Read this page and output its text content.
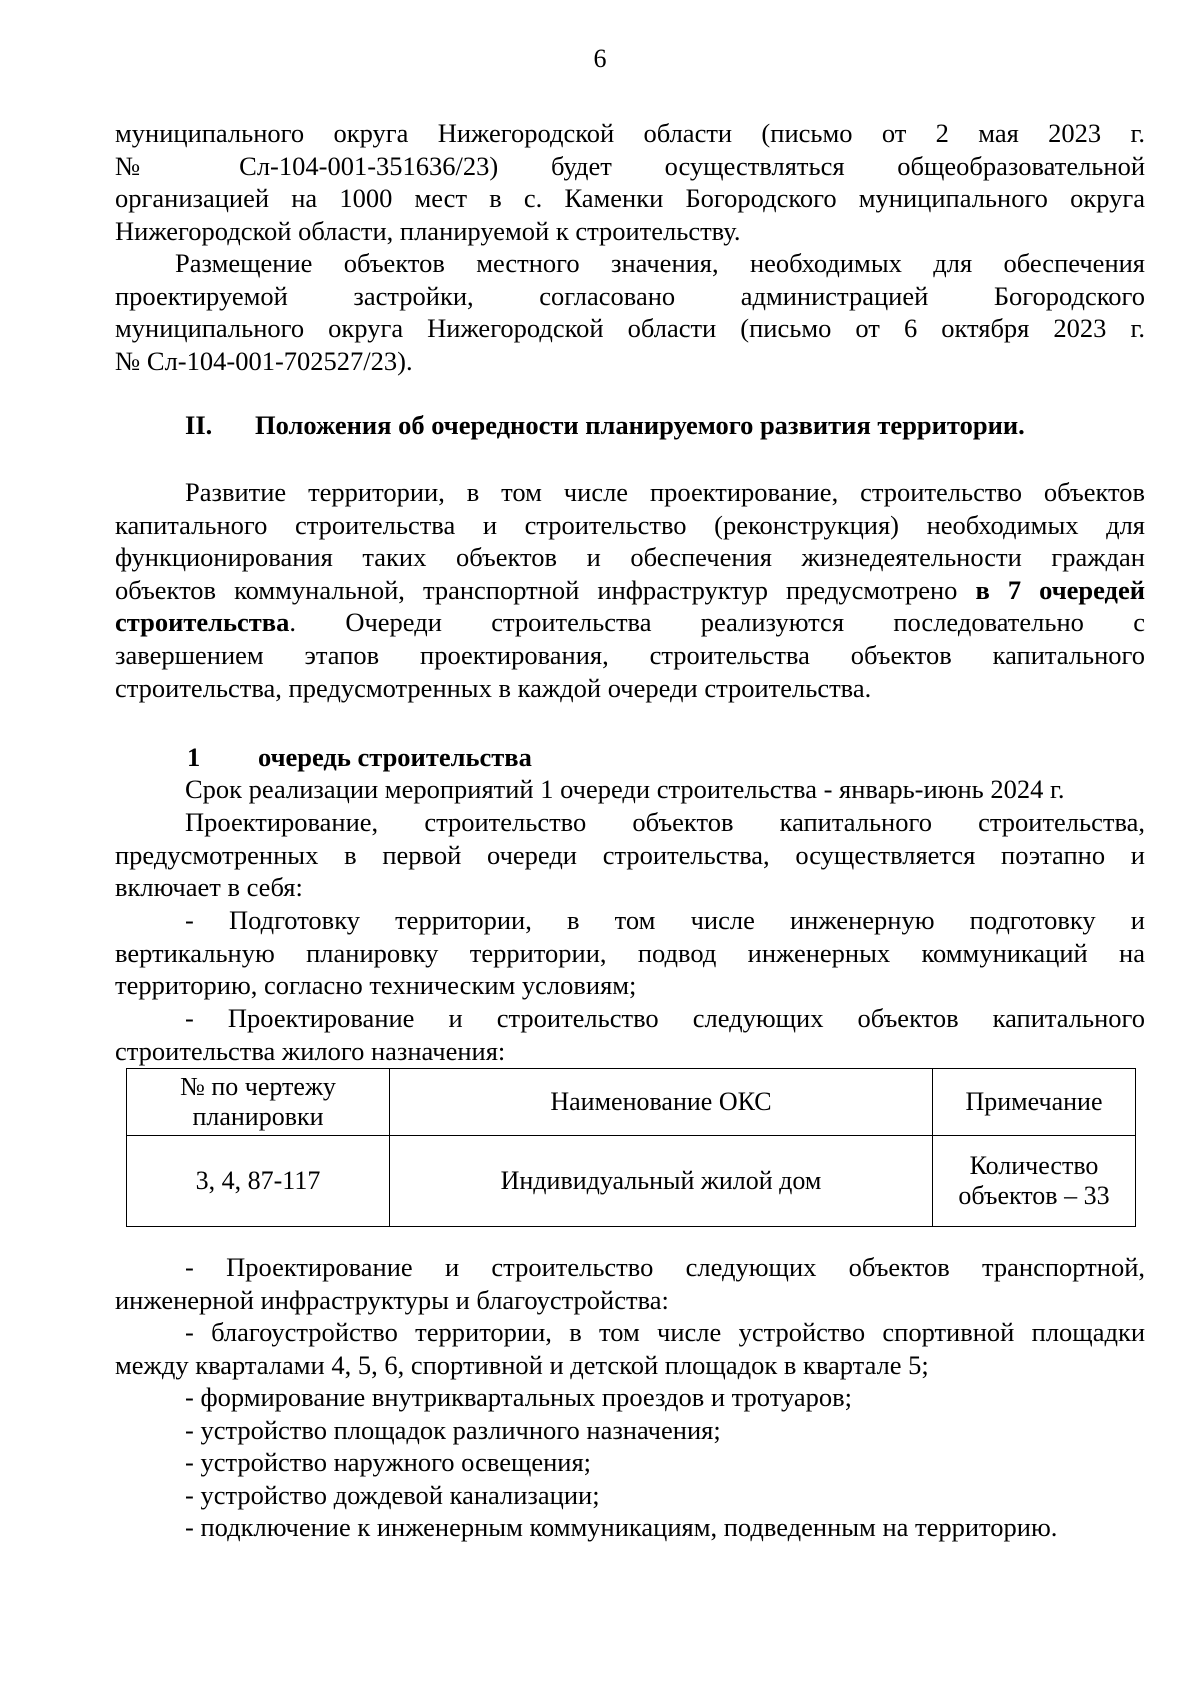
6
муниципального округа Нижегородской области (письмо от 2 мая 2023 г.
№ Сл-104-001-351636/23) будет осуществляться общеобразовательной
организацией на 1000 мест в с. Каменки Богородского муниципального округа
Нижегородской области, планируемой к строительству.
Размещение объектов местного значения, необходимых для обеспечения
проектируемой застройки, согласовано администрацией Богородского
муниципального округа Нижегородской области (письмо от 6 октября 2023 г.
№ Сл-104-001-702527/23).
II. Положения об очередности планируемого развития территории.
Развитие территории, в том числе проектирование, строительство объектов
капитального строительства и строительство (реконструкция) необходимых для
функционирования таких объектов и обеспечения жизнедеятельности граждан
объектов коммунальной, транспортной инфраструктур предусмотрено в 7 очередей
строительства. Очереди строительства реализуются последовательно с
завершением этапов проектирования, строительства объектов капитального
строительства, предусмотренных в каждой очереди строительства.
1 очередь строительства
Срок реализации мероприятий 1 очереди строительства - январь-июнь 2024 г.
Проектирование, строительство объектов капитального строительства,
предусмотренных в первой очереди строительства, осуществляется поэтапно и
включает в себя:
- Подготовку территории, в том числе инженерную подготовку и
вертикальную планировку территории, подвод инженерных коммуникаций на
территорию, согласно техническим условиям;
- Проектирование и строительство следующих объектов капитального
строительства жилого назначения:
№ по чертежу планировки	Наименование ОКС	Примечание
3, 4, 87-117	Индивидуальный жилой дом	Количество объектов – 33
- Проектирование и строительство следующих объектов транспортной,
инженерной инфраструктуры и благоустройства:
- благоустройство территории, в том числе устройство спортивной площадки
между кварталами 4, 5, 6, спортивной и детской площадок в квартале 5;
- формирование внутриквартальных проездов и тротуаров;
- устройство площадок различного назначения;
- устройство наружного освещения;
- устройство дождевой канализации;
- подключение к инженерным коммуникациям, подведенным на территорию.
